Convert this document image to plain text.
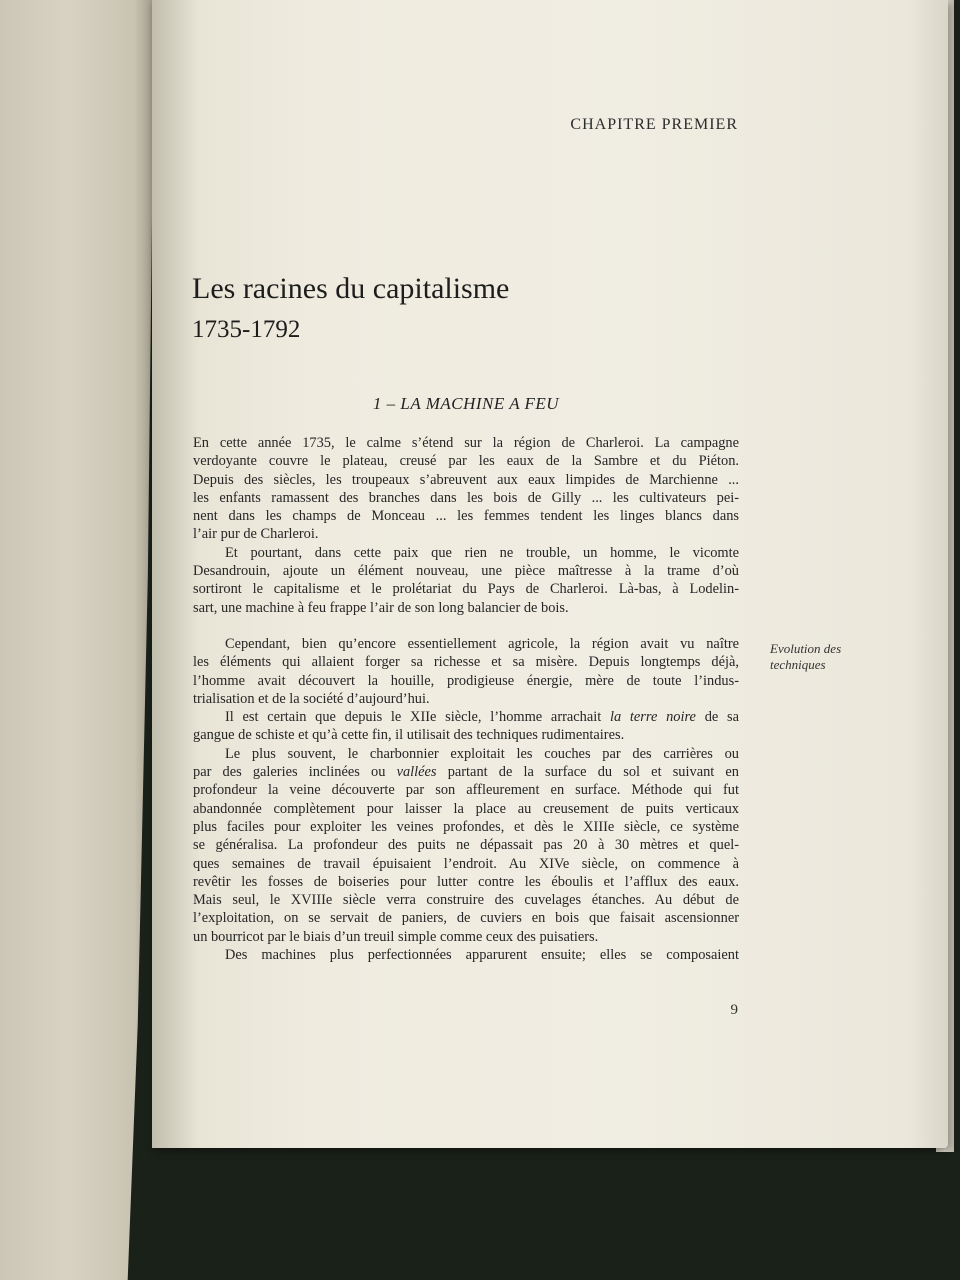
CHAPITRE PREMIER
Les racines du capitalisme
1735-1792
1 – LA MACHINE A FEU
En cette année 1735, le calme s’étend sur la région de Charleroi. La campagne
verdoyante couvre le plateau, creusé par les eaux de la Sambre et du Piéton.
Depuis des siècles, les troupeaux s’abreuvent aux eaux limpides de Marchienne ...
les enfants ramassent des branches dans les bois de Gilly ... les cultivateurs pei-
nent dans les champs de Monceau ... les femmes tendent les linges blancs dans
l’air pur de Charleroi.
Et pourtant, dans cette paix que rien ne trouble, un homme, le vicomte
Desandrouin, ajoute un élément nouveau, une pièce maîtresse à la trame d’où
sortiront le capitalisme et le prolétariat du Pays de Charleroi. Là-bas, à Lodelin-
sart, une machine à feu frappe l’air de son long balancier de bois.
Cependant, bien qu’encore essentiellement agricole, la région avait vu naître
les éléments qui allaient forger sa richesse et sa misère. Depuis longtemps déjà,
l’homme avait découvert la houille, prodigieuse énergie, mère de toute l’indus-
trialisation et de la société d’aujourd’hui.
Il est certain que depuis le XIIe siècle, l’homme arrachait la terre noire de sa
gangue de schiste et qu’à cette fin, il utilisait des techniques rudimentaires.
Le plus souvent, le charbonnier exploitait les couches par des carrières ou
par des galeries inclinées ou vallées partant de la surface du sol et suivant en
profondeur la veine découverte par son affleurement en surface. Méthode qui fut
abandonnée complètement pour laisser la place au creusement de puits verticaux
plus faciles pour exploiter les veines profondes, et dès le XIIIe siècle, ce système
se généralisa. La profondeur des puits ne dépassait pas 20 à 30 mètres et quel-
ques semaines de travail épuisaient l’endroit. Au XIVe siècle, on commence à
revêtir les fosses de boiseries pour lutter contre les éboulis et l’afflux des eaux.
Mais seul, le XVIIIe siècle verra construire des cuvelages étanches. Au début de
l’exploitation, on se servait de paniers, de cuviers en bois que faisait ascensionner
un bourricot par le biais d’un treuil simple comme ceux des puisatiers.
Des machines plus perfectionnées apparurent ensuite; elles se composaient
Evolution des
techniques
9
